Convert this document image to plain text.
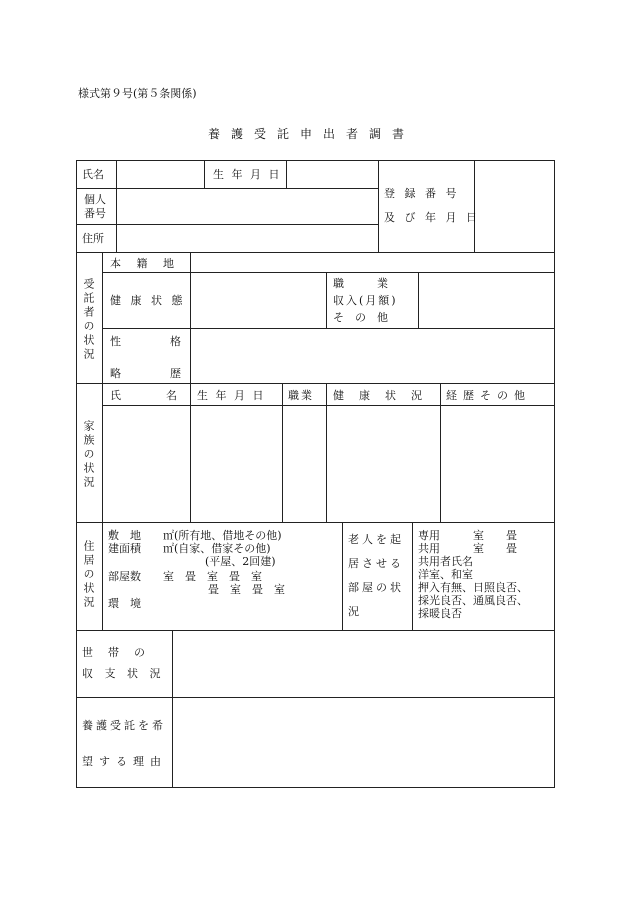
様式第９号(第５条関係)
養護受託申出者調書
氏名	生 年 月 日
個人
番号
住所
登 録 番 号
及 び 年 月 日
受託者の状況
本 籍 地
健 康 状 態
職　　　業
収入(月額)
そ　の　他
性　　　格
略　　　歴
家族の状況
氏　　　名 生 年 月 日 職業 健　康　状　況 経歴その他
住居の状況
敷　地　　㎡(所有地、借地その他)
建面積　　㎡(自家、借家その他)
(平屋、2回建)
部屋数　　室　畳　室　畳　室
畳　室　畳　室
環　境
老人を起
居させる
部屋の状
況
専用　　　室　　畳
共用　　　室　　畳
共用者氏名
洋室、和室
押入有無、日照良否、
採光良否、通風良否、
採暖良否
世　帯　の
収 支 状 況
養護受託を希
望する理由
